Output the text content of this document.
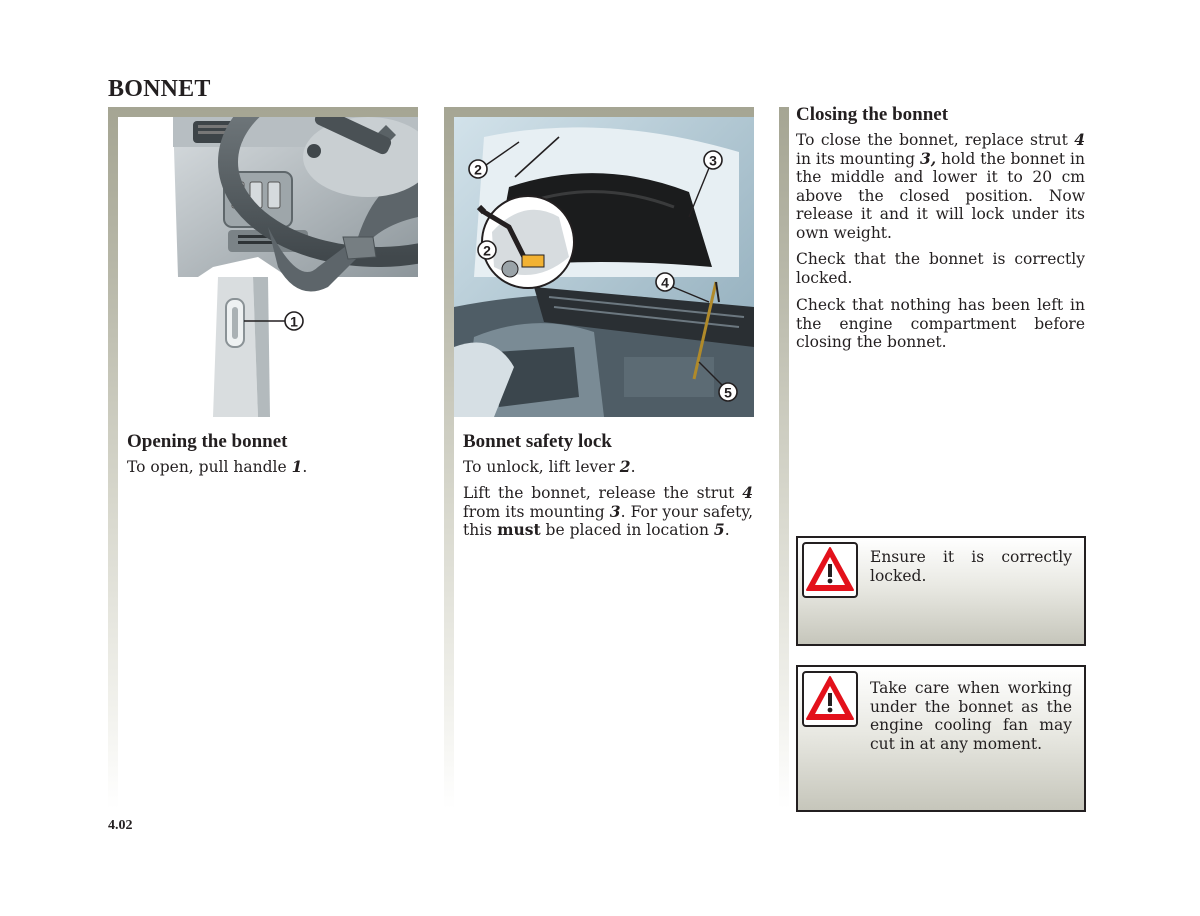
BONNET
1
Opening the bonnet

To open, pull handle 1.

2
2
3
4
5
Bonnet safety lock

To unlock, lift lever 2.

Lift the bonnet, release the strut 4 from its mounting 3. For your safety, this must be placed in location 5.

Closing the bonnet

To close the bonnet, replace strut 4 in its mounting 3, hold the bonnet in the middle and lower it to 20 cm above the closed position. Now release it and it will lock under its own weight.

Check that the bonnet is correctly locked.

Check that nothing has been left in the engine compartment before closing the bonnet.

Ensure it is correctly locked.

Take care when working under the bonnet as the engine cooling fan may cut in at any moment.

4.02
